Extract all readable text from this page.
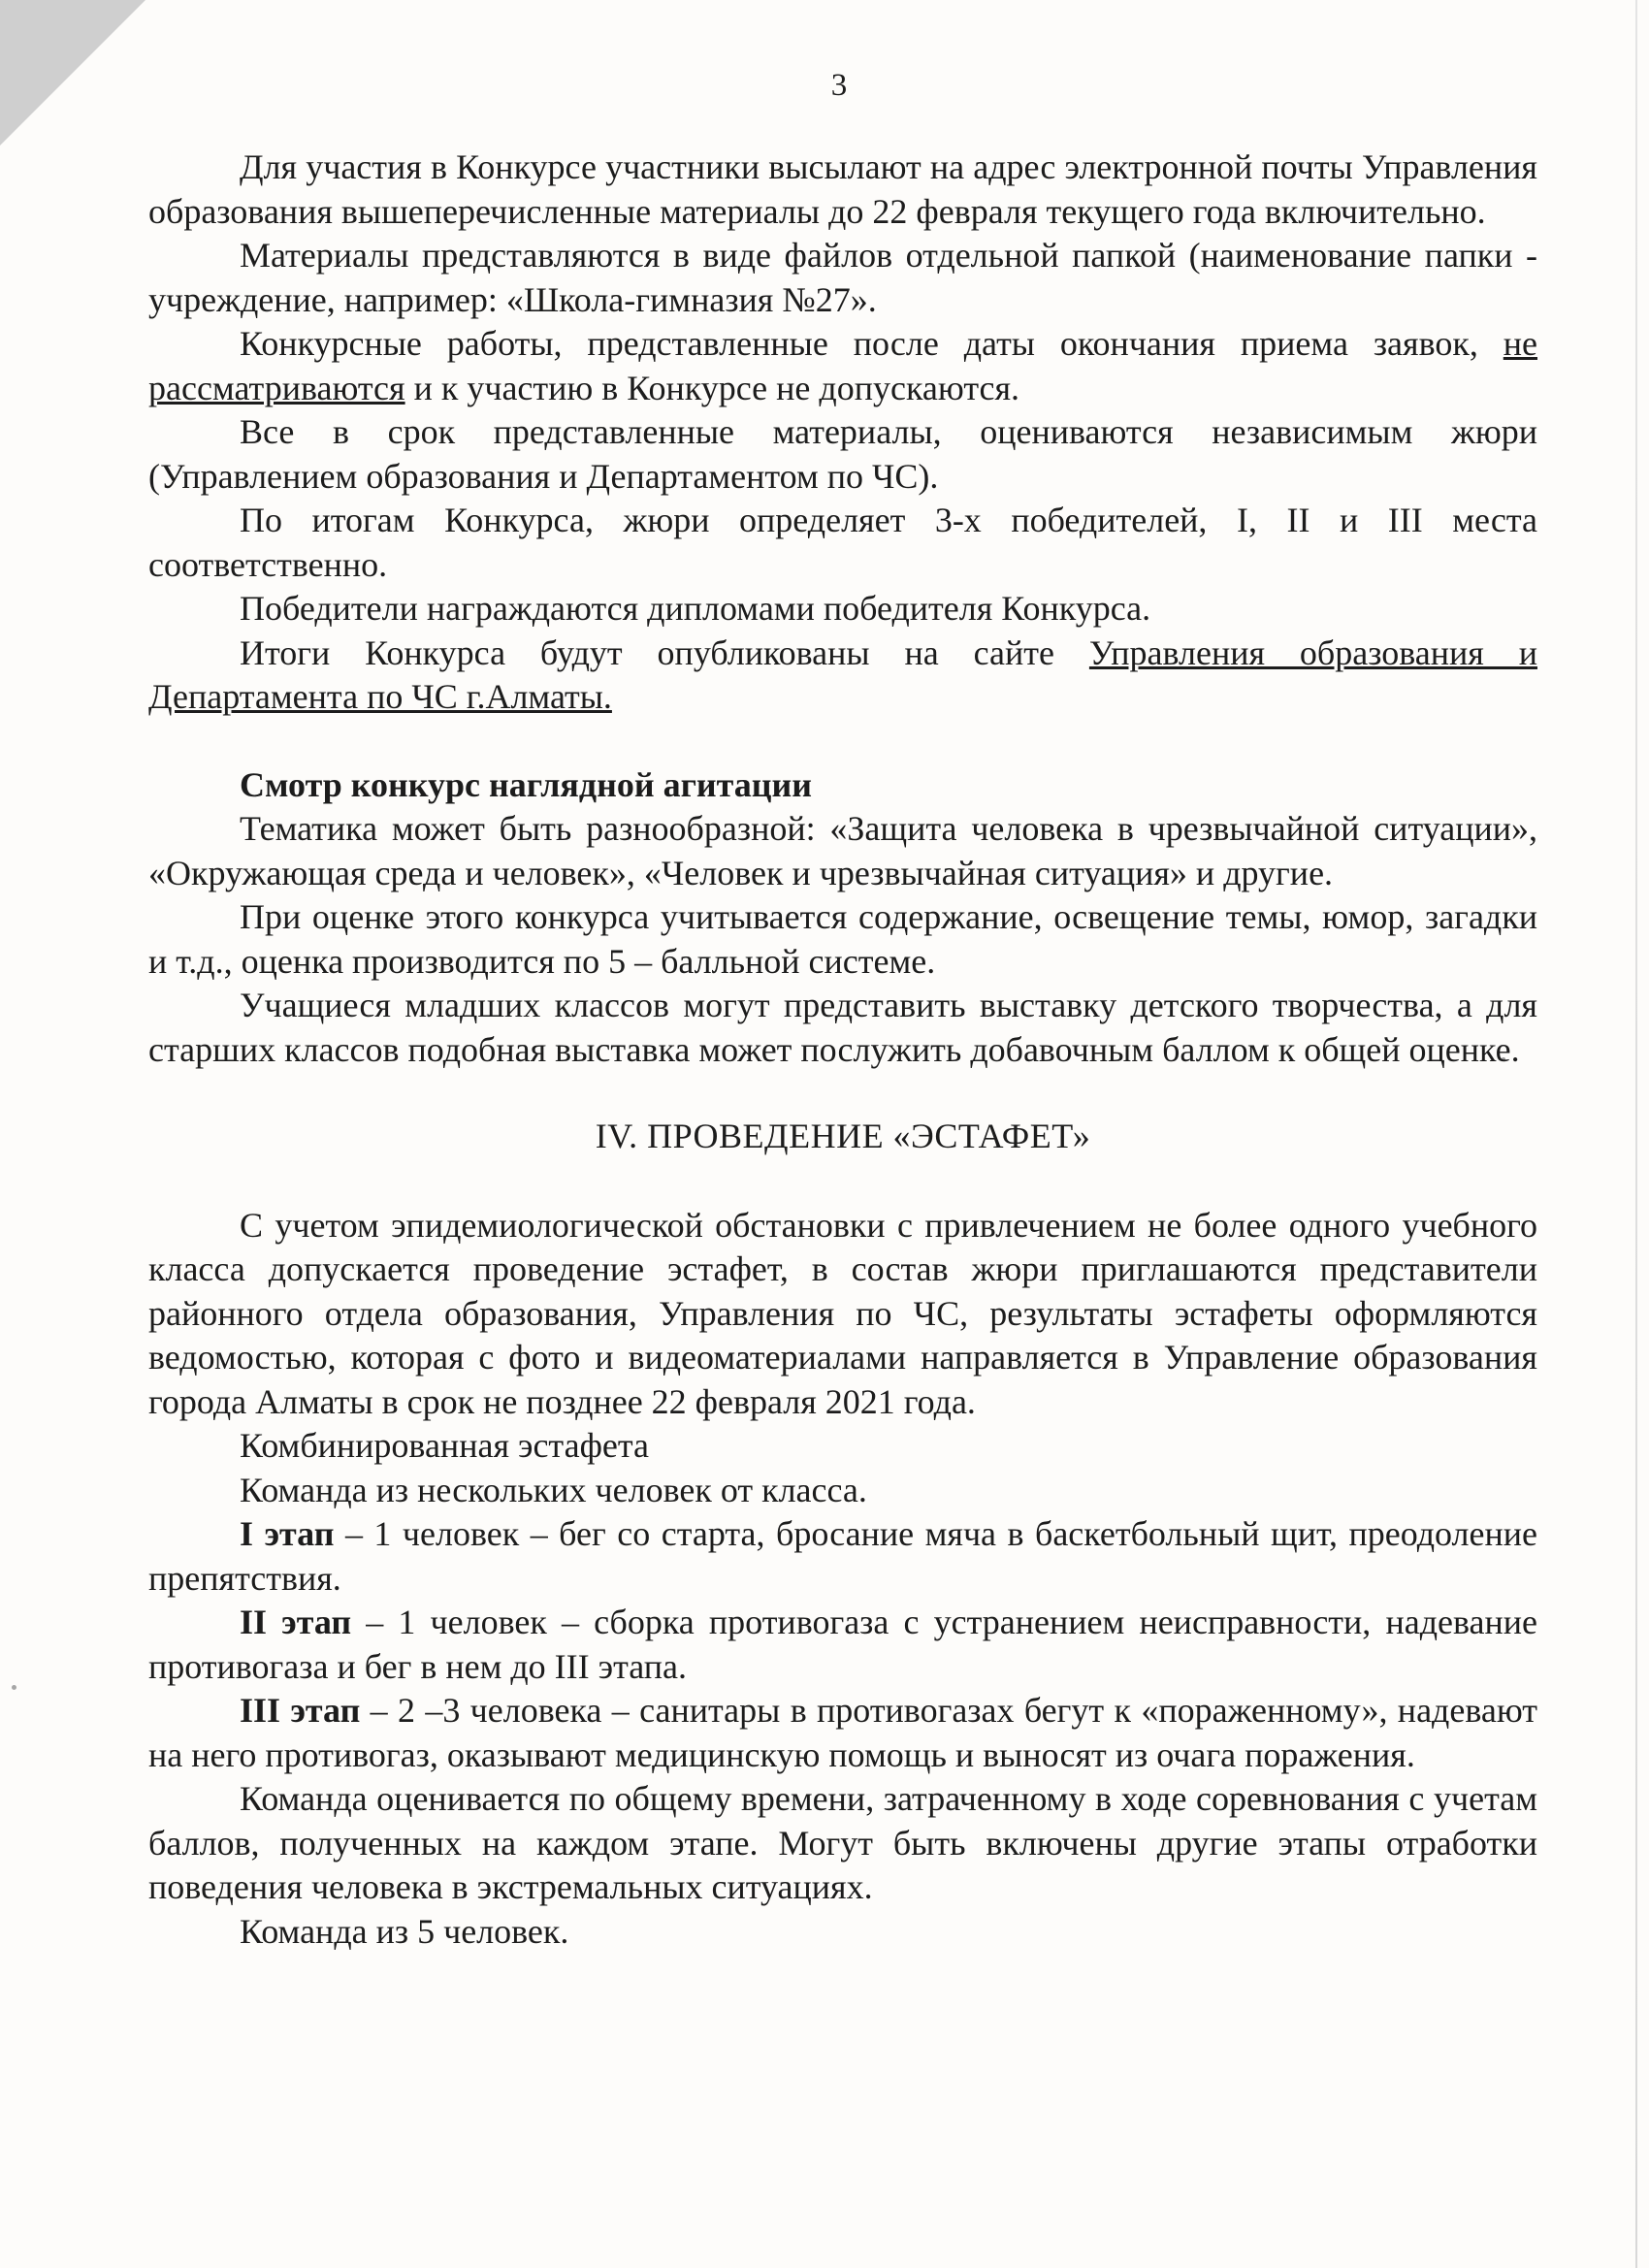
3

Для участия в Конкурсе участники высылают на адрес электронной почты Управления образования вышеперечисленные материалы до 22 февраля текущего года включительно.

Материалы представляются в виде файлов отдельной папкой (наименование папки - учреждение, например: «Школа-гимназия №27».

Конкурсные работы, представленные после даты окончания приема заявок, не рассматриваются и к участию в Конкурсе не допускаются.

Все в срок представленные материалы, оцениваются независимым жюри (Управлением образования и Департаментом по ЧС).

По итогам Конкурса, жюри определяет 3-х победителей, I, II и III места соответственно.

Победители награждаются дипломами победителя Конкурса.

Итоги Конкурса будут опубликованы на сайте Управления образования и Департамента по ЧС г.Алматы.

Смотр конкурс наглядной агитации

Тематика может быть разнообразной: «Защита человека в чрезвычайной ситуации», «Окружающая среда и человек», «Человек и чрезвычайная ситуация» и другие.

При оценке этого конкурса учитывается содержание, освещение темы, юмор, загадки и т.д., оценка производится по 5 – балльной системе.

Учащиеся младших классов могут представить выставку детского творчества, а для старших классов подобная выставка может послужить добавочным баллом к общей оценке.

IV. ПРОВЕДЕНИЕ «ЭСТАФЕТ»

С учетом эпидемиологической обстановки с привлечением не более одного учебного класса допускается проведение эстафет, в состав жюри приглашаются представители районного отдела образования, Управления по ЧС, результаты эстафеты оформляются ведомостью, которая с фото и видеоматериалами направляется в Управление образования города Алматы в срок не позднее 22 февраля 2021 года.

Комбинированная эстафета

Команда из нескольких человек от класса.

I этап – 1 человек – бег со старта, бросание мяча в баскетбольный щит, преодоление препятствия.

II этап – 1 человек – сборка противогаза с устранением неисправности, надевание противогаза и бег в нем до III этапа.

III этап – 2 –3 человека – санитары в противогазах бегут к «пораженному», надевают на него противогаз, оказывают медицинскую помощь и выносят из очага поражения.

Команда оценивается по общему времени, затраченному в ходе соревнования с учетам баллов, полученных на каждом этапе. Могут быть включены другие этапы отработки поведения человека в экстремальных ситуациях.

Команда из 5 человек.
